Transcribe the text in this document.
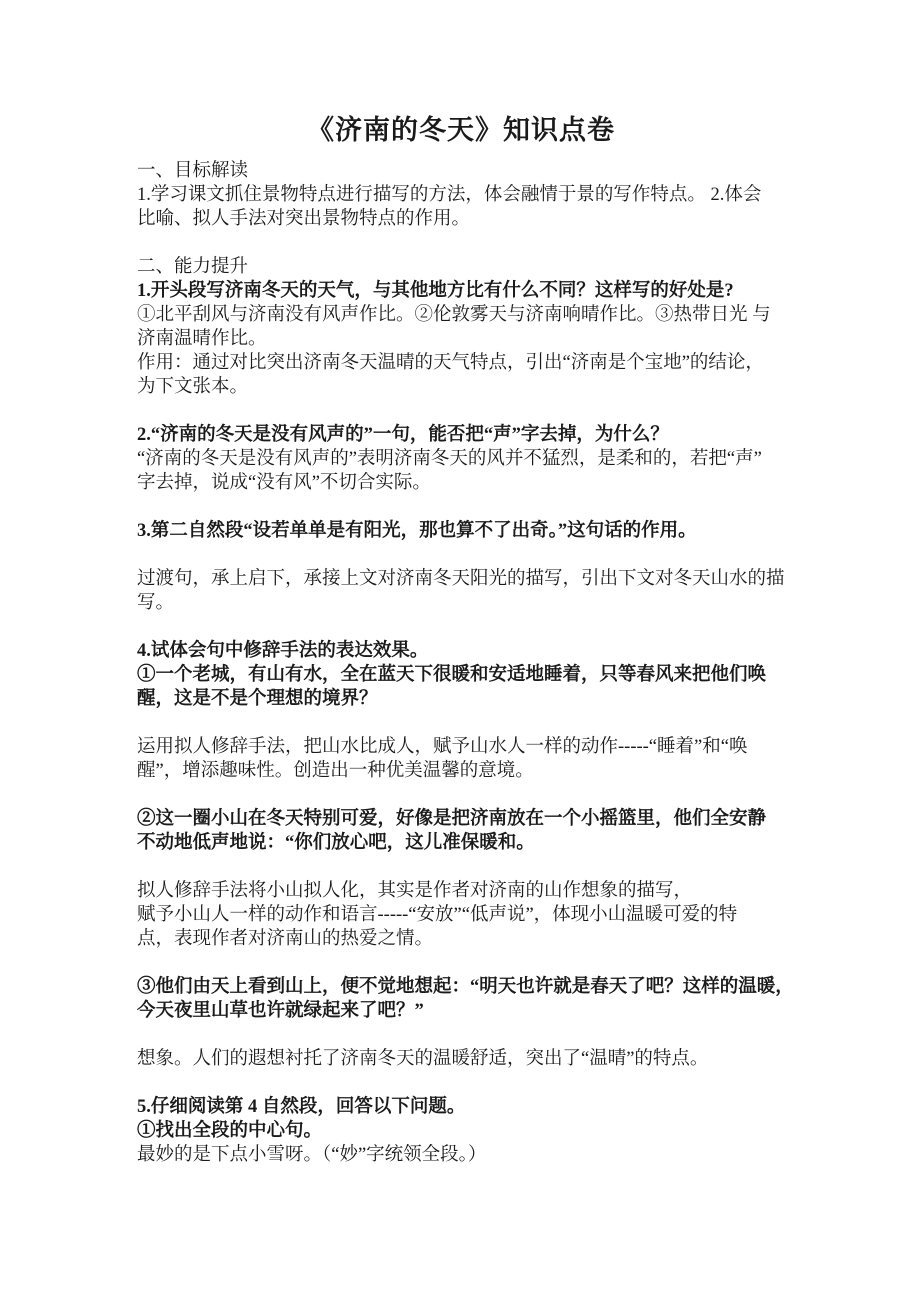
《济南的冬天》知识点卷
一、目标解读
1.学习课文抓住景物特点进行描写的方法，体会融情于景的写作特点。 2.体会
比喻、拟人手法对突出景物特点的作用。
二、能力提升
1.开头段写济南冬天的天气，与其他地方比有什么不同？这样写的好处是?
①北平刮风与济南没有风声作比。②伦敦雾天与济南响晴作比。③热带日光 与
济南温晴作比。
作用：通过对比突出济南冬天温晴的天气特点，引出“济南是个宝地”的结论，
为下文张本。
2.“济南的冬天是没有风声的”一句，能否把“声”字去掉，为什么？
“济南的冬天是没有风声的”表明济南冬天的风并不猛烈，是柔和的，若把“声”
字去掉，说成“没有风”不切合实际。
3.第二自然段“设若单单是有阳光，那也算不了出奇。”这句话的作用。
过渡句，承上启下，承接上文对济南冬天阳光的描写，引出下文对冬天山水的描
写。
4.试体会句中修辞手法的表达效果。
①一个老城，有山有水，全在蓝天下很暖和安适地睡着，只等春风来把他们唤
醒，这是不是个理想的境界？
运用拟人修辞手法，把山水比成人，赋予山水人一样的动作-----“睡着”和“唤
醒”，增添趣味性。创造出一种优美温馨的意境。
②这一圈小山在冬天特别可爱，好像是把济南放在一个小摇篮里，他们全安静
不动地低声地说：“你们放心吧，这儿准保暖和。
拟人修辞手法将小山拟人化，其实是作者对济南的山作想象的描写，
赋予小山人一样的动作和语言-----“安放”“低声说”，体现小山温暖可爱的特
点，表现作者对济南山的热爱之情。
③他们由天上看到山上，便不觉地想起：“明天也许就是春天了吧？这样的温暖，
今天夜里山草也许就绿起来了吧？”
想象。人们的遐想衬托了济南冬天的温暖舒适，突出了“温晴”的特点。
5.仔细阅读第 4 自然段，回答以下问题。
①找出全段的中心句。
最妙的是下点小雪呀。（“妙”字统领全段。）
